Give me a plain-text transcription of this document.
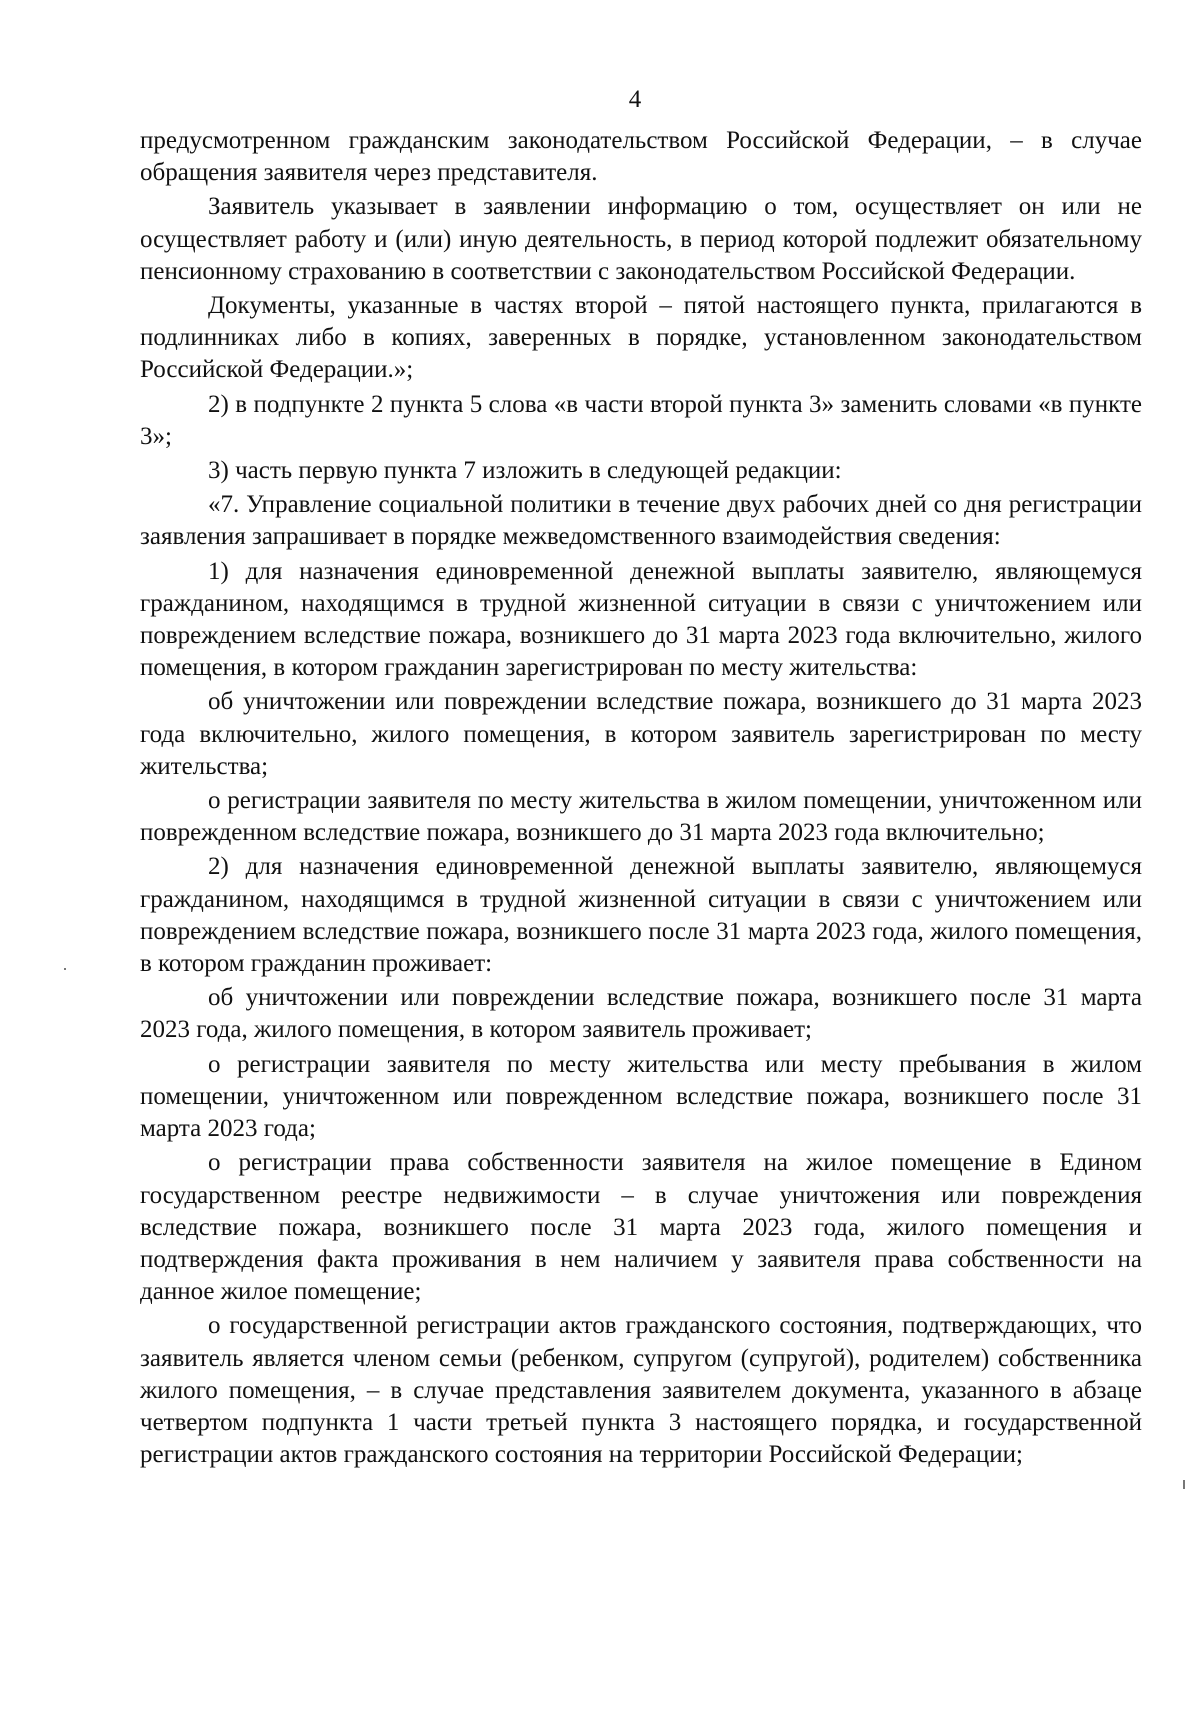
4

предусмотренном гражданским законодательством Российской Федерации, – в случае обращения заявителя через представителя.

Заявитель указывает в заявлении информацию о том, осуществляет он или не осуществляет работу и (или) иную деятельность, в период которой подлежит обязательному пенсионному страхованию в соответствии с законодательством Российской Федерации.

Документы, указанные в частях второй – пятой настоящего пункта, прилагаются в подлинниках либо в копиях, заверенных в порядке, установленном законодательством Российской Федерации.»;

2) в подпункте 2 пункта 5 слова «в части второй пункта 3» заменить словами «в пункте 3»;

3) часть первую пункта 7 изложить в следующей редакции:

«7. Управление социальной политики в течение двух рабочих дней со дня регистрации заявления запрашивает в порядке межведомственного взаимодействия сведения:

1) для назначения единовременной денежной выплаты заявителю, являющемуся гражданином, находящимся в трудной жизненной ситуации в связи с уничтожением или повреждением вследствие пожара, возникшего до 31 марта 2023 года включительно, жилого помещения, в котором гражданин зарегистрирован по месту жительства:

об уничтожении или повреждении вследствие пожара, возникшего до 31 марта 2023 года включительно, жилого помещения, в котором заявитель зарегистрирован по месту жительства;

о регистрации заявителя по месту жительства в жилом помещении, уничтоженном или поврежденном вследствие пожара, возникшего до 31 марта 2023 года включительно;

2) для назначения единовременной денежной выплаты заявителю, являющемуся гражданином, находящимся в трудной жизненной ситуации в связи с уничтожением или повреждением вследствие пожара, возникшего после 31 марта 2023 года, жилого помещения, в котором гражданин проживает:

об уничтожении или повреждении вследствие пожара, возникшего после 31 марта 2023 года, жилого помещения, в котором заявитель проживает;

о регистрации заявителя по месту жительства или месту пребывания в жилом помещении, уничтоженном или поврежденном вследствие пожара, возникшего после 31 марта 2023 года;

о регистрации права собственности заявителя на жилое помещение в Едином государственном реестре недвижимости – в случае уничтожения или повреждения вследствие пожара, возникшего после 31 марта 2023 года, жилого помещения и подтверждения факта проживания в нем наличием у заявителя права собственности на данное жилое помещение;

о государственной регистрации актов гражданского состояния, подтверждающих, что заявитель является членом семьи (ребенком, супругом (супругой), родителем) собственника жилого помещения, – в случае представления заявителем документа, указанного в абзаце четвертом подпункта 1 части третьей пункта 3 настоящего порядка, и государственной регистрации актов гражданского состояния на территории Российской Федерации;
